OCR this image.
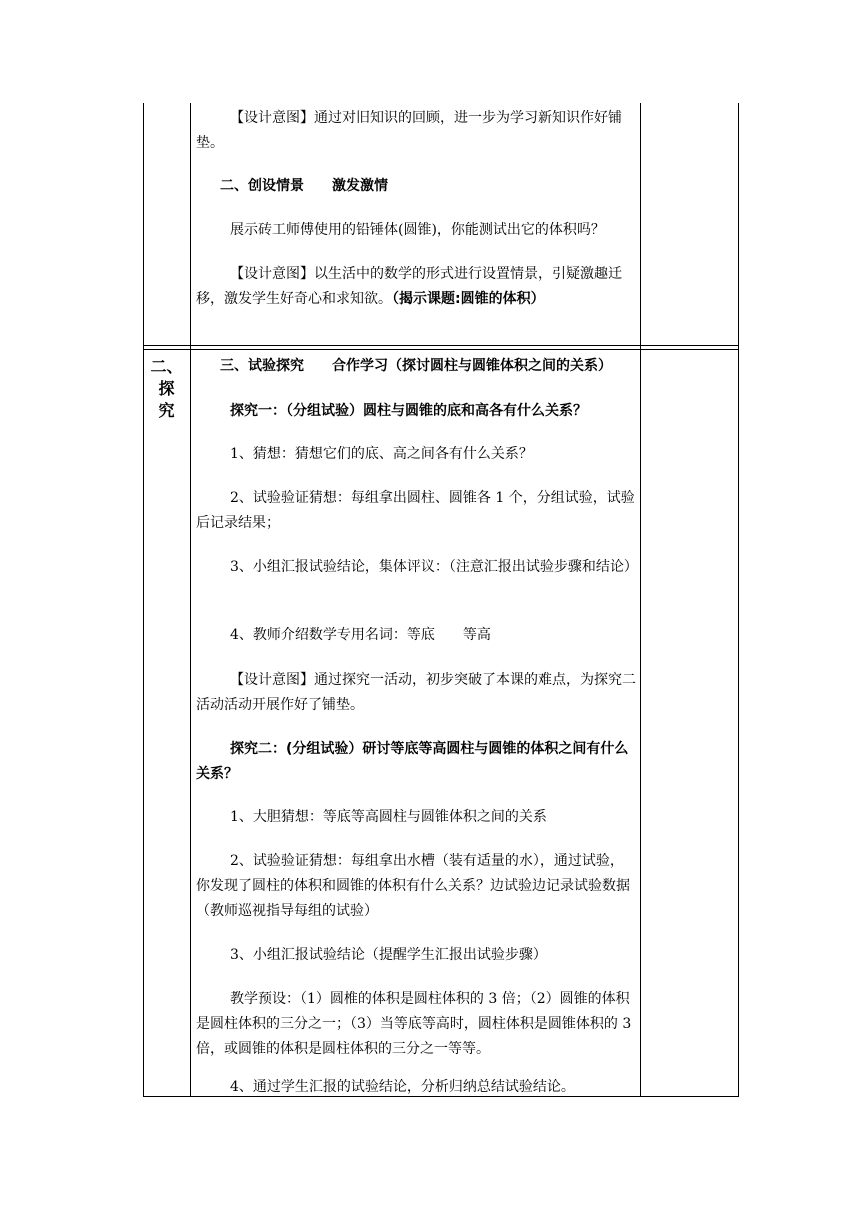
二、
探
究

【设计意图】通过对旧知识的回顾，进一步为学习新知识作好铺垫。

二、创设情景　　激发激情

展示砖工师傅使用的铅锤体(圆锥)，你能测试出它的体积吗？

【设计意图】以生活中的数学的形式进行设置情景，引疑激趣迁移，激发学生好奇心和求知欲。（揭示课题:圆锥的体积）

三、试验探究　　合作学习（探讨圆柱与圆锥体积之间的关系）

探究一：（分组试验）圆柱与圆锥的底和高各有什么关系？

1、猜想：猜想它们的底、高之间各有什么关系？

2、试验验证猜想：每组拿出圆柱、圆锥各 1 个，分组试验，试验后记录结果；

3、小组汇报试验结论，集体评议：（注意汇报出试验步骤和结论）

4、教师介绍数学专用名词：等底　　等高

【设计意图】通过探究一活动，初步突破了本课的难点，为探究二活动活动开展作好了铺垫。

探究二：(分组试验）研讨等底等高圆柱与圆锥的体积之间有什么关系？

1、大胆猜想：等底等高圆柱与圆锥体积之间的关系

2、试验验证猜想：每组拿出水槽（装有适量的水），通过试验，你发现了圆柱的体积和圆锥的体积有什么关系？边试验边记录试验数据（教师巡视指导每组的试验）

3、小组汇报试验结论（提醒学生汇报出试验步骤）

教学预设：（1）圆椎的体积是圆柱体积的 3 倍；（2）圆锥的体积是圆柱体积的三分之一；（3）当等底等高时，圆柱体积是圆锥体积的 3 倍，或圆锥的体积是圆柱体积的三分之一等等。

4、通过学生汇报的试验结论，分析归纳总结试验结论。
